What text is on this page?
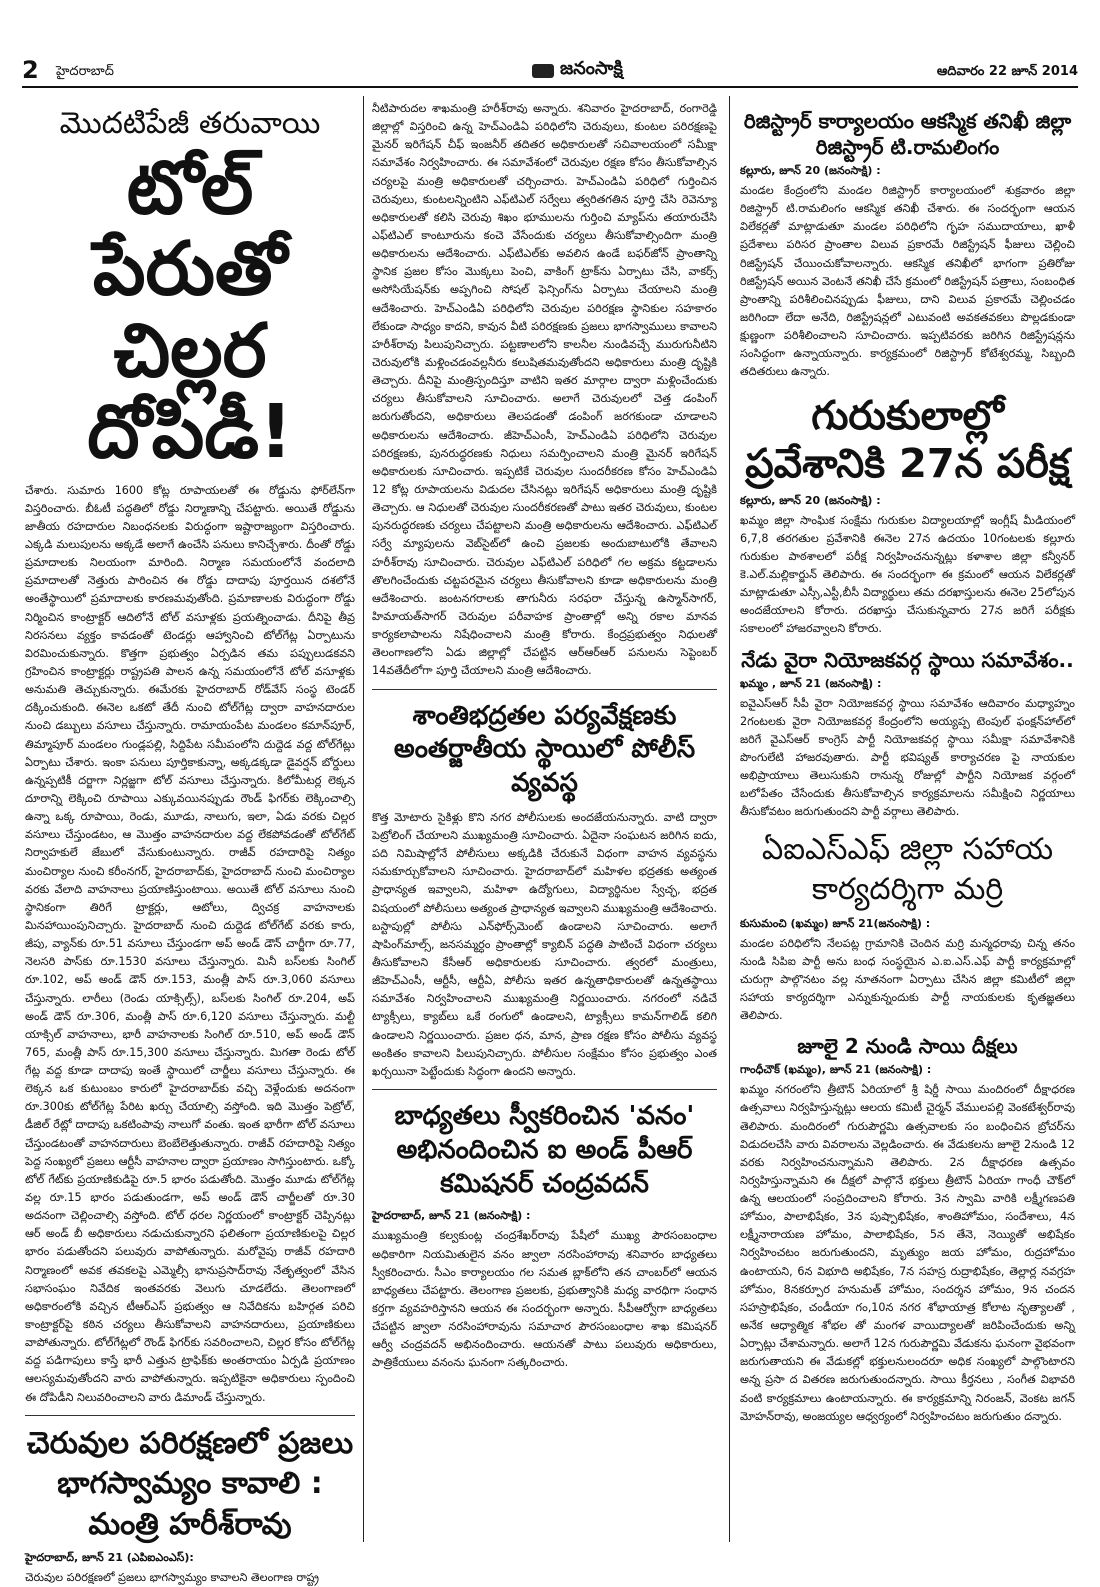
2 హైదరాబాద్	జనంసాక్షి	ఆదివారం 22 జూన్ 2014
మొదటిపేజీ తరువాయి
టోల్ పేరుతో చిల్లర దోపిడీ!

చేశారు. సుమారు 1600 కోట్ల రూపాయలతో ఈ రోడ్డును ఫోర్‌లేన్‌గా విస్తరించారు. బీఓటీ పద్ధతిలో రోడ్డు నిర్మాణాన్ని చేపట్టారు. అయితే రోడ్డును జాతీయ రహదారుల నిబంధనలకు విరుద్ధంగా ఇష్టారాజ్యంగా విస్తరించారు. ఎక్కడి మలుపులను అక్కడే అలాగే ఉంచేసి పనులు కానిచ్చేశారు. దీంతో రోడ్డు ప్రమాదాలకు నిలయంగా మారింది. నిర్మాణ సమయంలోనే వందలాది ప్రమాదాలతో నెత్తురు పారించిన ఈ రోడ్డు దాదాపు పూర్తయిన దశలోనే అంతేస్థాయిలో ప్రమాదాలకు కారణమవుతోంది. ప్రమాణాలకు విరుద్ధంగా రోడ్డు నిర్మించిన కాంట్రాక్టర్ ఆదిలోనే టోల్ వసూళ్లకు ప్రయత్నించాడు. దీనిపై తీవ్ర నిరసనలు వ్యక్తం కావడంతో టెండర్లు ఆహ్వానించి టోల్‌గేట్ల ఏర్పాటును విరమించుకున్నారు. కొత్తగా ప్రభుత్వం ఏర్పడిన తమ పప్పులుడకవని గ్రహించిన కాంట్రాక్టర్లు రాష్ట్రపతి పాలన ఉన్న సమయంలోనే టోల్ వసూళ్లకు అనుమతి తెచ్చుకున్నారు. ఈమేరకు హైదరాబాద్ రోడ్‌వేస్ సంస్థ టెండర్ దక్కించుకుంది. ఈనెల ఒకటో తేదీ నుంచి టోల్‌గేట్ల ద్వారా వాహనదారుల నుంచి డబ్బులు వసూలు చేస్తున్నారు. రామాయంపేట మండలం కమాన్‌పూర్, తిమ్మాపూర్ మండలం గుండ్లపల్లి, సిద్దిపేట సమీపంలోని దుద్దెడ వద్ద టోల్‌గేట్లు ఏర్పాటు చేశారు. ఇంకా పనులు పూర్తికాకున్నా, అక్కడక్కడా డైవర్షన్ బోర్డులు ఉన్నప్పటికీ దర్జాగా నిర్లజ్జగా టోల్ వసూలు చేస్తున్నారు. కిలోమీటర్ల లెక్కన దూరాన్ని లెక్కించి రూపాయి ఎక్కువయినప్పుడు రౌండ్ ఫిగర్‌కు లెక్కించాల్సి ఉన్నా ఒక్క రూపాయి, రెండు, మూడు, నాలుగు, ఇలా, ఏడు వరకు చిల్లర వసూలు చేస్తుండటం, ఆ మొత్తం వాహనదారుల వద్ద లేకపోవడంతో టోల్‌గేట్ నిర్వాహకులే జేబులో వేసుకుంటున్నారు. రాజీవ్ రహదారిపై నిత్యం మంచిర్యాల నుంచి కరీంనగర్, హైదరాబాద్‌కు, హైదరాబాద్ నుంచి మంచిర్యాల వరకు వేలాది వాహనాలు ప్రయాణిస్తుంటాయి. అయితే టోల్ వసూలు నుంచి స్థానికంగా తిరిగే ట్రాక్టర్లు, ఆటోలు, ద్విచక్ర వాహనాలకు మినహాయింపునిచ్చారు. హైదరాబాద్ నుంచి దుద్దెడ టోల్‌గేట్ వరకు కారు, జీపు, వ్యాన్‌కు రూ.51 వసూలు చేస్తుండగా అప్ అండ్ డౌన్ చార్జీగా రూ.77, నెలసరి పాస్‌కు రూ.1530 వసూలు చేస్తున్నారు. మినీ బస్‌లకు సింగిల్ రూ.102, అప్ అండ్ డౌన్ రూ.153, మంత్లీ పాస్ రూ.3,060 వసూలు చేస్తున్నారు. లారీలు (రెండు యాక్సిల్స్), బస్‌లకు సింగిల్ రూ.204, అప్ అండ్ డౌన్ రూ.306, మంత్లీ పాస్ రూ.6,120 వసూలు చేస్తున్నారు. మల్టీ యాక్సిల్ వాహనాలు, భారీ వాహనాలకు సింగిల్ రూ.510, అప్ అండ్ డౌన్ 765, మంత్లీ పాస్ రూ.15,300 వసూలు చేస్తున్నారు. మిగతా రెండు టోల్ గేట్ల వద్ద కూడా దాదాపు ఇంతే స్థాయిలో చార్జీలు వసూలు చేస్తున్నారు. ఈ లెక్కన ఒక కుటుంబం కారులో హైదరాబాద్‌కు వచ్చి వెళ్లేందుకు అదనంగా రూ.300కు టోల్‌గేట్ల పేరిట ఖర్చు చేయాల్సి వస్తోంది. ఇది మొత్తం పెట్రోల్, డీజిల్ రేట్లో దాదాపు ఒకటింపావు నాలుగో వంతు. ఇంత భారీగా టోల్ వసూలు చేస్తుండటంతో వాహనదారులు బెంబేలెత్తుతున్నారు. రాజీవ్ రహదారిపై నిత్యం పెద్ద సంఖ్యలో ప్రజలు ఆర్టీసీ వాహనాల ద్వారా ప్రయాణం సాగిస్తుంటారు. ఒక్కో టోల్ గేట్‌కు ప్రయాణికుడిపై రూ.5 భారం పడుతోంది. మొత్తం మూడు టోల్‌గేట్ల వల్ల రూ.15 భారం పడుతుండగా, అప్ అండ్ డౌన్ చార్జీలతో రూ.30 అదనంగా చెల్లించాల్సి వస్తోంది. టోల్ ధరల నిర్ణయంలో కాంట్రాక్టర్ చెప్పినట్లు ఆర్ అండ్ బీ అధికారులు నడుచుకున్నారని ఫలితంగా ప్రయాణికులపై చిల్లర భారం పడుతోందని పలువురు వాపోతున్నారు. మరోవైపు రాజీవ్ రహదారి నిర్మాణంలో అవక తవకలపై ఎమ్మెల్సీ భానుప్రసాద్‌రావు నేతృత్వంలో వేసిన సభాసంఘం నివేదిక ఇంతవరకు వెలుగు చూడలేదు. తెలంగాణలో అధికారంలోకి వచ్చిన టీఆర్ఎస్ ప్రభుత్వం ఆ నివేదికను బహిర్గత పరిచి కాంట్రాక్టర్‌పై కఠిన చర్యలు తీసుకోవాలని వాహనదారులు, ప్రయాణికులు వాపోతున్నారు. టోల్‌గేట్లలో రౌండ్ ఫిగర్‌కు సవరించాలని, చిల్లర కోసం టోల్‌గేట్ల వద్ద పడిగాపులు కాస్తే భారీ ఎత్తున ట్రాఫిక్‌కు అంతరాయం ఏర్పడి ప్రయాణం ఆలస్యమవుతోందని వారు వాపోతున్నారు. ఇప్పటికైనా అధికారులు స్పందించి ఈ దోపిడీని నిలువరించాలని వారు డిమాండ్ చేస్తున్నారు.

చెరువుల పరిరక్షణలో ప్రజలు భాగస్వామ్యం కావాలి : మంత్రి హరీశ్‌రావు
హైదరాబాద్, జూన్ 21 (ఎపిఐఎంఎస్):

చెరువుల పరిరక్షణలో ప్రజలు భాగస్వామ్యం కావాలని తెలంగాణ రాష్ట్ర

నీటిపారుదల శాఖమంత్రి హరీశ్‌రావు అన్నారు. శనివారం హైదరాబాద్, రంగారెడ్డి జిల్లాల్లో విస్తరించి ఉన్న హెచ్ఎండిఏ పరిధిలోని చెరువులు, కుంటల పరిరక్షణపై మైనర్ ఇరిగేషన్ చీఫ్ ఇంజనీర్ తదితర అధికారులతో సచివాలయంలో సమీక్షా సమావేశం నిర్వహించారు. ఈ సమావేశంలో చెరువుల రక్షణ కోసం తీసుకోవాల్సిన చర్యలపై మంత్రి అధికారులతో చర్చించారు. హెచ్ఎండిఏ పరిధిలో గుర్తించిన చెరువులు, కుంటలన్నింటిని ఎఫ్‌టిఎల్ సర్వేలు త్వరితగతిన పూర్తి చేసి రెవెన్యూ అధికారులతో కలిసి చెరువు శిఖం భూములను గుర్తించి మ్యాప్‌ను తయారుచేసి ఎఫ్‌టిఎల్ కాంటూరును కంచె వేసేందుకు చర్యలు తీసుకోవాల్సిందిగా మంత్రి అధికారులను ఆదేశించారు. ఎఫ్‌టిఎల్‌కు అవలిన ఉండే బఫర్‌జోన్ ప్రాంతాన్ని స్థానిక ప్రజల కోసం మొక్కలు పెంచి, వాకింగ్ ట్రాక్‌ను ఏర్పాటు చేసి, వాకర్స్ అసోసియేషన్‌కు అప్పగించి సోషల్ ఫెన్సింగ్‌ను ఏర్పాటు చేయాలని మంత్రి ఆదేశించారు. హెచ్ఎండిఏ పరిధిలోని చెరువుల పరిరక్షణ స్థానికుల సహకారం లేకుండా సాధ్యం కాదని, కావున వీటి పరిరక్షణకు ప్రజలు భాగస్వాములు కావాలని హరీశ్‌రావు పిలుపునిచ్చారు. పట్టణాలలోని కాలనీల నుండివచ్చే మురుగునీటిని చెరువులోకి మళ్లించడంవల్లనీరు కలుషితమవుతోందని అధికారులు మంత్రి దృష్టికి తెచ్చారు. దీనిపై మంత్రిస్పందిస్తూ వాటిని ఇతర మార్గాల ద్వారా మళ్లించేందుకు చర్యలు తీసుకోవాలని సూచించారు. అలాగే చెరువులలో చెత్త డంపింగ్ జరుగుతోందని, అధికారులు తెలపడంతో డంపింగ్ జరగకుండా చూడాలని అధికారులను ఆదేశించారు. జీహెచ్ఎంసీ, హెచ్ఎండిఏ పరిధిలోని చెరువుల పరిరక్షణకు, పునరుద్ధరణకు నిధులు సమర్పించాలని మంత్రి మైనర్ ఇరిగేషన్ అధికారులకు సూచించారు. ఇప్పటికే చెరువుల సుందరీకరణ కోసం హెచ్ఎండిఏ 12 కోట్ల రూపాయలను విడుదల చేసినట్లు ఇరిగేషన్ అధికారులు మంత్రి దృష్టికి తెచ్చారు. ఆ నిధులతో చెరువుల సుందరీకరణతో పాటు ఇతర చెరువులు, కుంటల పునరుద్ధరణకు చర్యలు చేపట్టాలని మంత్రి అధికారులను ఆదేశించారు. ఎఫ్‌టిఎల్ సర్వే మ్యాపులను వెబ్‌సైట్‌లో ఉంచి ప్రజలకు అందుబాటులోకి తేవాలని హరీశ్‌రావు సూచించారు. చెరువుల ఎఫ్‌టిఎల్ పరిధిలో గల అక్రమ కట్టడాలను తొలగించేందుకు చట్టపరమైన చర్యలు తీసుకోవాలని కూడా అధికారులను మంత్రి ఆదేశించారు. జంటనగరాలకు తాగునీరు సరఫరా చేస్తున్న ఉస్మాన్‌సాగర్, హిమాయత్‌సాగర్ చెరువుల పరీవాహక ప్రాంతాల్లో అన్ని రకాల మానవ కార్యకలాపాలను నిషేధించాలని మంత్రి కోరారు. కేంద్రప్రభుత్వం నిధులతో తెలంగాణలోని ఏడు జిల్లాల్లో చేపట్టిన ఆర్ఆర్ఆర్ పనులను సెప్టెంబర్ 14వతేదీలోగా పూర్తి చేయాలని మంత్రి ఆదేశించారు.

శాంతిభద్రతల పర్యవేక్షణకు అంతర్జాతీయ స్థాయిలో పోలీస్ వ్యవస్థ

కొత్త మోటారు సైకిళ్లు కొని నగర పోలీసులకు అందజేయనున్నారు. వాటి ద్వారా పెట్రోలింగ్ చేయాలని ముఖ్యమంత్రి సూచించారు. ఏదైనా సంఘటన జరిగిన ఐదు, పది నిమిషాల్లోనే పోలీసులు అక్కడికి చేరుకునే విధంగా వాహన వ్యవస్థను సమకూర్చుకోవాలని సూచించారు. హైదరాబాద్‌లో మహిళల భద్రతకు అత్యంత ప్రాధాన్యత ఇవ్వాలని, మహిళా ఉద్యోగులు, విద్యార్థినుల స్వేచ్ఛ, భద్రత విషయంలో పోలీసులు అత్యంత ప్రాధాన్యత ఇవ్వాలని ముఖ్యమంత్రి ఆదేశించారు. బస్టాపుల్లో పోలీసు ఎన్‌ఫోర్స్‌మెంట్ ఉండాలని సూచించారు. అలాగే షాపింగ్‌మాల్స్, జనసమ్మర్ధం ప్రాంతాల్లో క్యాబిన్ పద్ధతి పాటించే విధంగా చర్యలు తీసుకోవాలని కేసీఆర్ అధికారులకు సూచించారు. త్వరలో మంత్రులు, జీహెచ్ఎంసీ, ఆర్టీసీ, ఆర్టీఏ, పోలీసు ఇతర ఉన్నతాధికారులతో ఉన్నతస్థాయి సమావేశం నిర్వహించాలని ముఖ్యమంత్రి నిర్ణయించారు. నగరంలో నడిచే ట్యాక్సీలు, క్యాబ్‌లు ఒకే రంగులో ఉండాలని, ట్యాక్సీలు కామన్‌గాలిడ్ కలిగి ఉండాలని నిర్ణయించారు. ప్రజల ధన, మాన, ప్రాణ రక్షణ కోసం పోలీసు వ్యవస్థ అంకితం కావాలని పిలుపునిచ్చారు. పోలీసుల సంక్షేమం కోసం ప్రభుత్వం ఎంత ఖర్చయినా పెట్టేందుకు సిద్ధంగా ఉందని అన్నారు.

బాధ్యతలు స్వీకరించిన 'వనం' అభినందించిన ఐ అండ్ పీఆర్ కమిషనర్ చంద్రవదన్
హైదరాబాద్, జూన్ 21 (జనంసాక్షి) :

ముఖ్యమంత్రి కల్వకుంట్ల చంద్రశేఖర్‌రావు పేషీలో ముఖ్య పౌరసంబంధాల అధికారిగా నియమితులైన వనం జ్వాలా నరసింహారావు శనివారం బాధ్యతలు స్వీకరించారు. సీఎం కార్యాలయం గల సమత బ్లాక్‌లోని తన చాంబర్‌లో ఆయన బాధ్యతలు చేపట్టారు. తెలంగాణ ప్రజలకు, ప్రభుత్వానికి మధ్య వారధిగా సంధాన కర్తగా వ్యవహరిస్తానని ఆయన ఈ సందర్భంగా అన్నారు. సీపీఆర్వోగా బాధ్యతలు చేపట్టిన జ్వాలా నరసింహారావును సమాచార పౌరసంబంధాల శాఖ కమిషనర్ ఆర్వీ చంద్రవదన్ అభినందించారు. ఆయనతో పాటు పలువురు అధికారులు, పాత్రికేయులు వనంను ఘనంగా సత్కరించారు.

రిజిస్ట్రార్ కార్యాలయం ఆకస్మిక తనిఖీ జిల్లా రిజిస్ట్రార్ టి.రామలింగం
కల్లూరు, జూన్ 20 (జనంసాక్షి) :

మండల కేంద్రంలోని మండల రిజిస్ట్రార్ కార్యాలయంలో శుక్రవారం జిల్లా రిజిస్ట్రార్ టి.రామలింగం ఆకస్మిక తనిఖీ చేశారు. ఈ సందర్భంగా ఆయన విలేకర్లతో మాట్లాడుతూ మండల పరిధిలోని గృహ సముదాయాలు, ఖాళీ ప్రదేశాలు పరిసర ప్రాంతాల విలువ ప్రకారమే రిజిస్ట్రేషన్ ఫీజులు చెల్లించి రిజిస్ట్రేషన్ చేయించుకోవాలన్నారు. ఆకస్మిక తనిఖీలో భాగంగా ప్రతిరోజు రిజిస్ట్రేషన్ అయిన వెంటనే తనిఖీ చేసే క్రమంలో రిజిస్ట్రేషన్ పత్రాలు, సంబంధిత ప్రాంతాన్ని పరిశీలించినప్పుడు ఫీజులు, దాని విలువ ప్రకారమే చెల్లించడం జరిగిందా లేదా అనేది, రిజిస్ట్రేషన్లలో ఎటువంటి అవకతవకలు పొల్లడకుండా క్షుణ్ణంగా పరిశీలించాలని సూచించారు. ఇప్పటివరకు జరిగిన రిజిస్ట్రేషన్లను సంసిద్ధంగా ఉన్నాయన్నారు. కార్యక్రమంలో రిజిస్ట్రార్ కోటేశ్వరమ్మ, సిబ్బంది తదితరులు ఉన్నారు.

గురుకులాల్లో ప్రవేశానికి 27న పరీక్ష
కల్లూరు, జూన్ 20 (జనంసాక్షి) :

ఖమ్మం జిల్లా సాంఘిక సంక్షేమ గురుకుల విద్యాలయాల్లో ఇంగ్లీష్ మీడియంలో 6,7,8 తరగతుల ప్రవేశానికి ఈనెల 27న ఉదయం 10గంటలకు కల్లూరు గురుకుల పాఠశాలలో పరీక్ష నిర్వహించనున్నట్లు కళాశాల జిల్లా కన్వీనర్ కె.ఎల్.మల్లికార్జున్ తెలిపారు. ఈ సందర్భంగా ఈ క్రమంలో ఆయన విలేకర్లతో మాట్లాడుతూ ఎస్సీ,ఎస్టీ,బీసీ విద్యార్థులు తమ దరఖాస్తులను ఈనెల 25లోపున అందజేయాలని కోరారు. దరఖాస్తు చేసుకున్నవారు 27న జరిగే పరీక్షకు సకాలంలో హాజరవ్వాలని కోరారు.

నేడు వైరా నియోజకవర్గ స్థాయి సమావేశం..
ఖమ్మం , జూన్ 21 (జనంసాక్షి) :

ఐవైఎస్ఆర్ సీపీ వైరా నియోజకవర్గ స్థాయి సమావేశం ఆదివారం మధ్యాహ్నం 2గంటలకు వైరా నియోజకవర్గ కేంద్రంలోని అయ్యప్ప టెంపుల్ ఫంక్షన్‌హాల్‌లో జరిగే వైఎస్ఆర్ కాంగ్రెస్ పార్టీ నియోజకవర్గ స్థాయి సమీక్షా సమావేశానికి పొంగులేటి హాజరవుతారు. పార్టీ భవిష్యత్ కార్యాచరణ పై నాయకుల అభిప్రాయాలు తెలుసుకుని రానున్న రోజుల్లో పార్టీని నియోజక వర్గంలో బలోపేతం చేసేందుకు తీసుకోవాల్సిన కార్యక్రమాలను సమీక్షించి నిర్ణయాలు తీసుకోవటం జరుగుతుందని పార్టీ వర్గాలు తెలిపారు.

ఏఐఎస్ఎఫ్ జిల్లా సహాయ కార్యదర్శిగా మర్రి
కుసుమంచి (ఖమ్మం) జూన్ 21(జనంసాక్షి) :

మండల పరిధిలోని నేలపట్ల గ్రామానికి చెందిన మర్రి మన్మధరావు చిన్న తనం నుండి సిపిఐ పార్టీ అను బంధ సంస్థయైన ఎ.ఐ.ఎస్.ఎఫ్ పార్టీ కార్యక్రమాల్లో చురుగ్గా పాల్గొనటం వల్ల నూతనంగా ఏర్పాటు చేసిన జిల్లా కమిటీలో జిల్లా సహాయ కార్యదర్శిగా ఎన్నుకున్నందుకు పార్టీ నాయకులకు కృతజ్ఞతలు తెలిపారు.

జూలై 2 నుండి సాయి దీక్షలు
గాంధీచౌక్ (ఖమ్మం), జూన్ 21 (జనంసాక్షి) :

ఖమ్మం నగరంలోని త్రీటౌన్ ఏరియాలో శ్రీ షిర్డీ సాయి మందిరంలో దీక్షాధరణ ఉత్సవాలు నిర్వహిస్తున్నట్లు ఆలయ కమిటీ చైర్మన్ వేములపల్లి వెంకటేశ్వర్‌రావు తెలిపారు. మందిరంలో గురుపౌర్ణమి ఉత్సవాలకు సం బంధించిన బ్రోచర్‌ను విడుదలచేసి వారు వివరాలను వెల్లడించారు. ఈ వేడుకలను జూలై 2నుండి 12 వరకు నిర్వహించనున్నామని తెలిపారు. 2న దీక్షాధరణ ఉత్సవం నిర్వహిస్తున్నామని ఈ దీక్షలో పాల్గొనే భక్తులు త్రీటౌన్ ఏరియా గాంధీ చౌక్‌లో ఉన్న ఆలయంలో సంప్రదించాలని కోరారు. 3న స్వామి వారికి లక్ష్మీగణపతి హోమం, పాలాభిషేకం, 3న పుష్పాభిషేకం, శాంతిహోమం, సందేశాలు, 4న లక్ష్మీనారాయణ హోమం, పాలాభిషేకం, 5న తేనె, నెయ్యితో అభిషేకం నిర్వహించటం జరుగుతుందని, మృత్యుం జయ హోమం, రుద్రహోమం ఉంటాయని, 6న విభూది అభిషేకం, 7న సహస్ర రుద్రాభిషేకం, తెల్లార్ల నవగ్రహ హోమం, 8నకర్పూర హనుమత్ హోమం, సందర్శన హోమం, 9న చందన సహస్రాభిషేకం, చండీయా గం,10న నగర శోభాయాత్ర కోలాట నృత్యాలతో , అనేక ఆధ్యాత్మిక శోభల తో మంగళ వాయిద్యాలతో జరిపించేందుకు అన్ని ఏర్పాట్లు చేశామన్నారు. అలాగే 12న గురుపౌర్ణమి వేడుకను ఘనంగా వైభవంగా జరుగుతాయని ఈ వేడుకల్లో భక్తులనులందరూ అధిక సంఖ్యలో పాల్గొంటారని అన్న ప్రసా ద వితరణ జరుగుతుందన్నారు. సాయి కీర్తనలు , సంగీత విభావరి వంటి కార్యక్రమాలు ఉంటాయన్నారు. ఈ కార్యక్రమాన్ని నిరంజన్, వెంకట జగన్ మోహన్‌రావు, అంజయ్యల ఆధ్వర్యంలో నిర్వహించటం జరుగుతుం దన్నారు.
